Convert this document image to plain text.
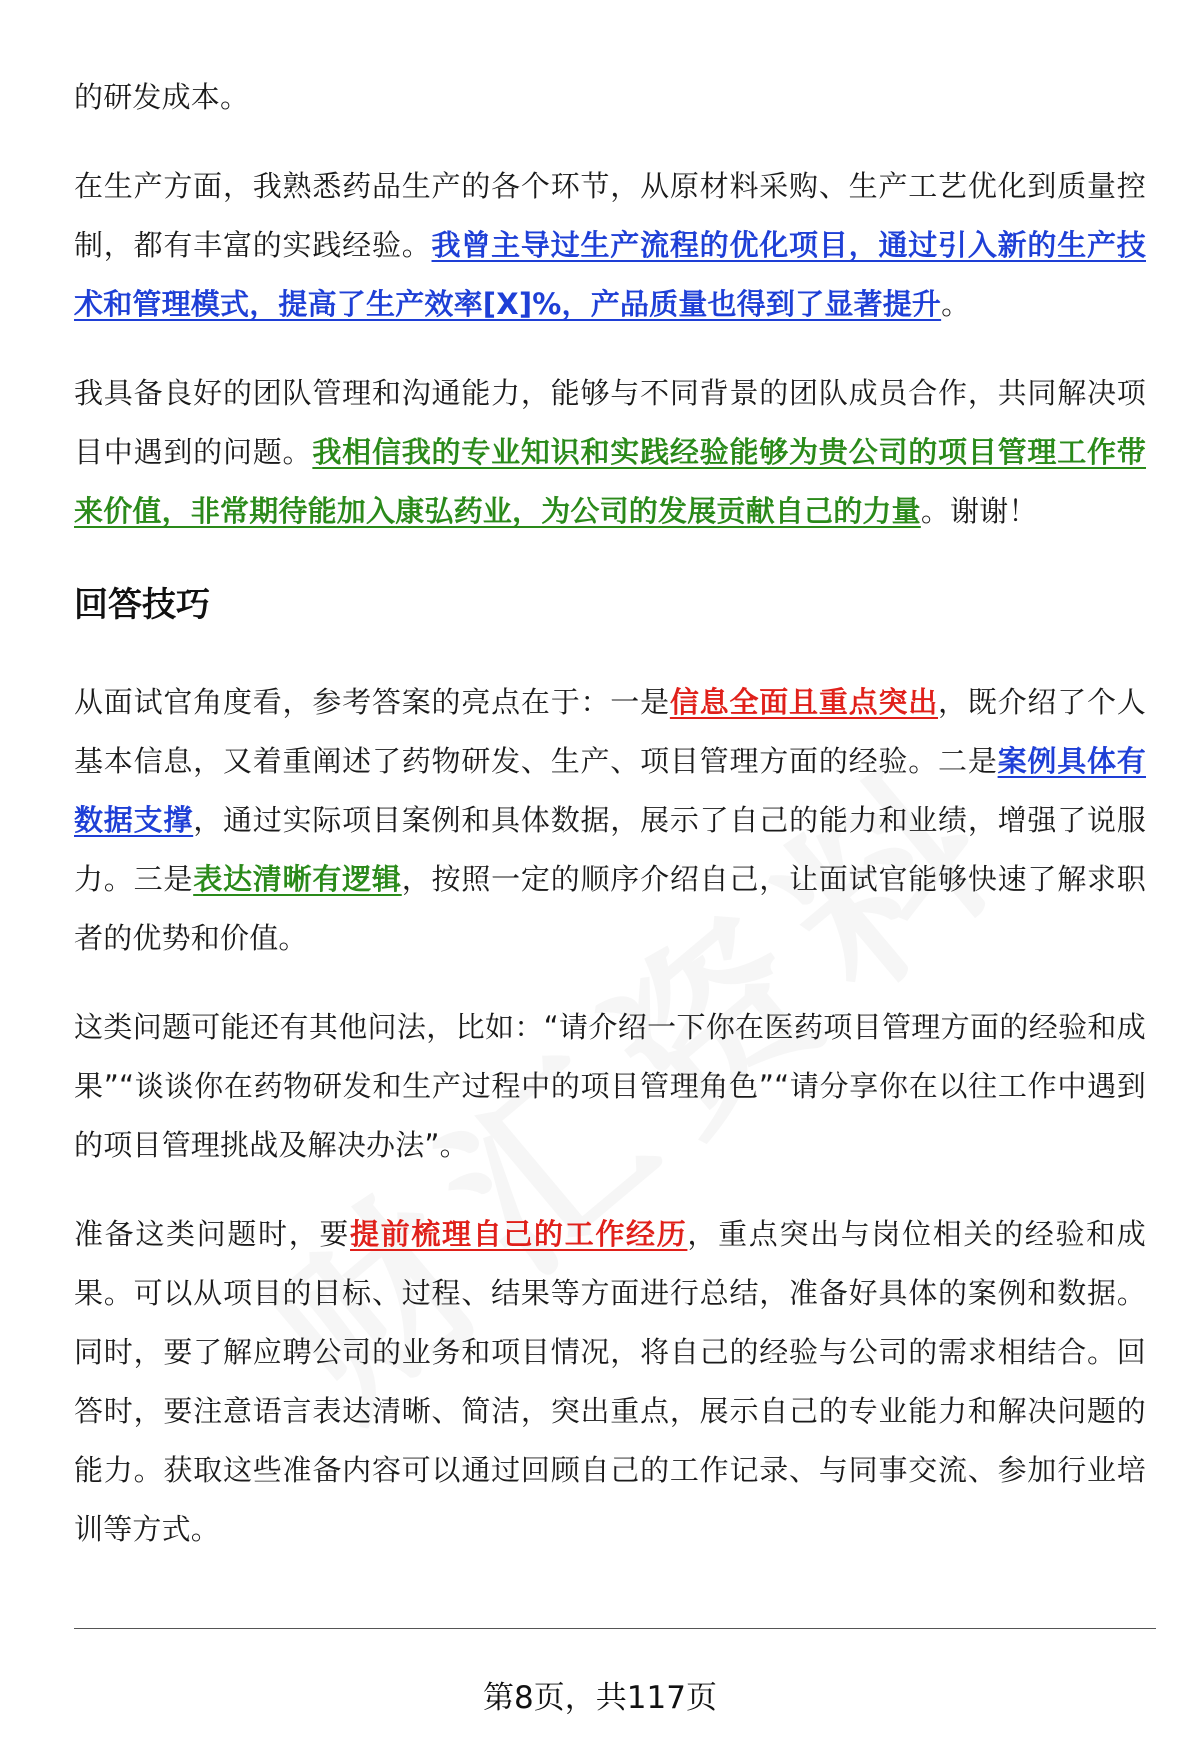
的研发成本。

在生产方面，我熟悉药品生产的各个环节，从原材料采购、生产工艺优化到质量控制，都有丰富的实践经验。我曾主导过生产流程的优化项目，通过引入新的生产技术和管理模式，提高了生产效率[X]%，产品质量也得到了显著提升。

我具备良好的团队管理和沟通能力，能够与不同背景的团队成员合作，共同解决项目中遇到的问题。我相信我的专业知识和实践经验能够为贵公司的项目管理工作带来价值，非常期待能加入康弘药业，为公司的发展贡献自己的力量。谢谢！

回答技巧

从面试官角度看，参考答案的亮点在于：一是信息全面且重点突出，既介绍了个人基本信息，又着重阐述了药物研发、生产、项目管理方面的经验。二是案例具体有数据支撑，通过实际项目案例和具体数据，展示了自己的能力和业绩，增强了说服力。三是表达清晰有逻辑，按照一定的顺序介绍自己，让面试官能够快速了解求职者的优势和价值。

这类问题可能还有其他问法，比如：“请介绍一下你在医药项目管理方面的经验和成果”“谈谈你在药物研发和生产过程中的项目管理角色”“请分享你在以往工作中遇到的项目管理挑战及解决办法”。

准备这类问题时，要提前梳理自己的工作经历，重点突出与岗位相关的经验和成果。可以从项目的目标、过程、结果等方面进行总结，准备好具体的案例和数据。同时，要了解应聘公司的业务和项目情况，将自己的经验与公司的需求相结合。回答时，要注意语言表达清晰、简洁，突出重点，展示自己的专业能力和解决问题的能力。获取这些准备内容可以通过回顾自己的工作记录、与同事交流、参加行业培训等方式。

第8页，共117页
